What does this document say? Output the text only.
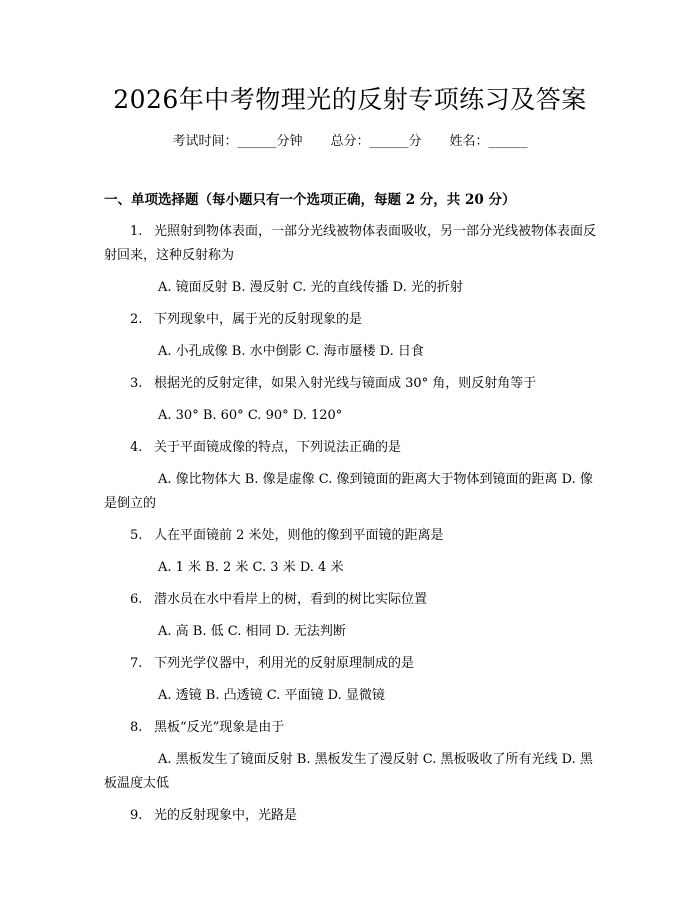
2026年中考物理光的反射专项练习及答案
考试时间：______分钟 总分：______分 姓名：______
一、单项选择题（每小题只有一个选项正确，每题 2 分，共 20 分）
1. 光照射到物体表面，一部分光线被物体表面吸收，另一部分光线被物体表面反射回来，这种反射称为
A. 镜面反射 B. 漫反射 C. 光的直线传播 D. 光的折射
2. 下列现象中，属于光的反射现象的是
A. 小孔成像 B. 水中倒影 C. 海市蜃楼 D. 日食
3. 根据光的反射定律，如果入射光线与镜面成 30° 角，则反射角等于
A. 30° B. 60° C. 90° D. 120°
4. 关于平面镜成像的特点，下列说法正确的是
A. 像比物体大 B. 像是虚像 C. 像到镜面的距离大于物体到镜面的距离 D. 像是倒立的
5. 人在平面镜前 2 米处，则他的像到平面镜的距离是
A. 1 米 B. 2 米 C. 3 米 D. 4 米
6. 潜水员在水中看岸上的树，看到的树比实际位置
A. 高 B. 低 C. 相同 D. 无法判断
7. 下列光学仪器中，利用光的反射原理制成的是
A. 透镜 B. 凸透镜 C. 平面镜 D. 显微镜
8. 黑板“反光”现象是由于
A. 黑板发生了镜面反射 B. 黑板发生了漫反射 C. 黑板吸收了所有光线 D. 黑板温度太低
9. 光的反射现象中，光路是
